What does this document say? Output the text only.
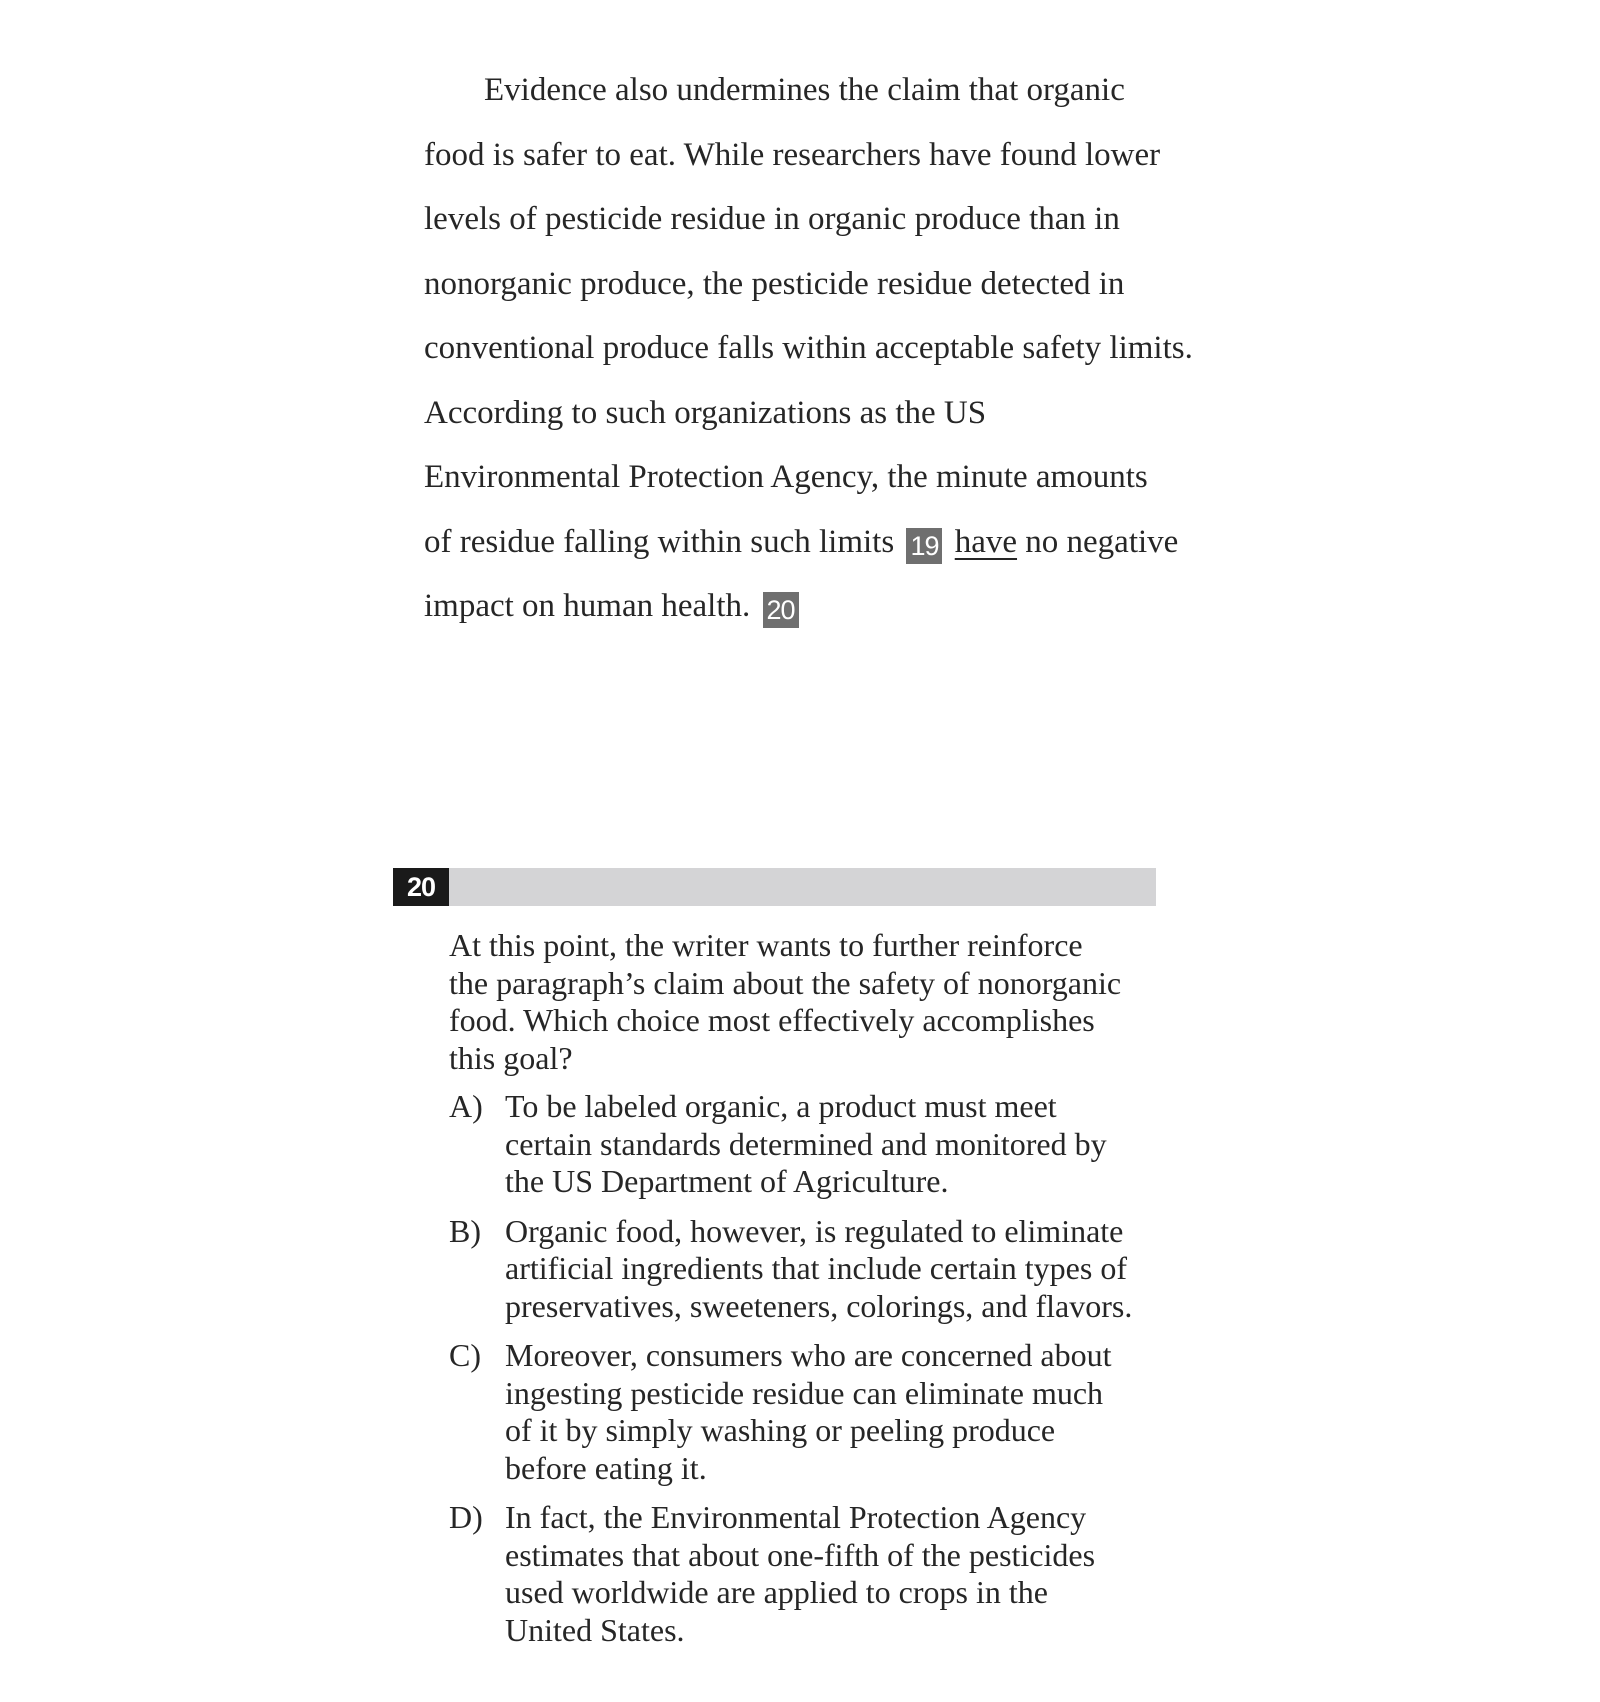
Evidence also undermines the claim that organic
food is safer to eat. While researchers have found lower
levels of pesticide residue in organic produce than in
nonorganic produce, the pesticide residue detected in
conventional produce falls within acceptable safety limits.
According to such organizations as the US
Environmental Protection Agency, the minute amounts
of residue falling within such limits 19 have no negative
impact on human health. 20
20
At this point, the writer wants to further reinforce
the paragraph’s claim about the safety of nonorganic
food. Which choice most effectively accomplishes
this goal?
A) To be labeled organic, a product must meet
certain standards determined and monitored by
the US Department of Agriculture.
B) Organic food, however, is regulated to eliminate
artificial ingredients that include certain types of
preservatives, sweeteners, colorings, and flavors.
C) Moreover, consumers who are concerned about
ingesting pesticide residue can eliminate much
of it by simply washing or peeling produce
before eating it.
D) In fact, the Environmental Protection Agency
estimates that about one-fifth of the pesticides
used worldwide are applied to crops in the
United States.
